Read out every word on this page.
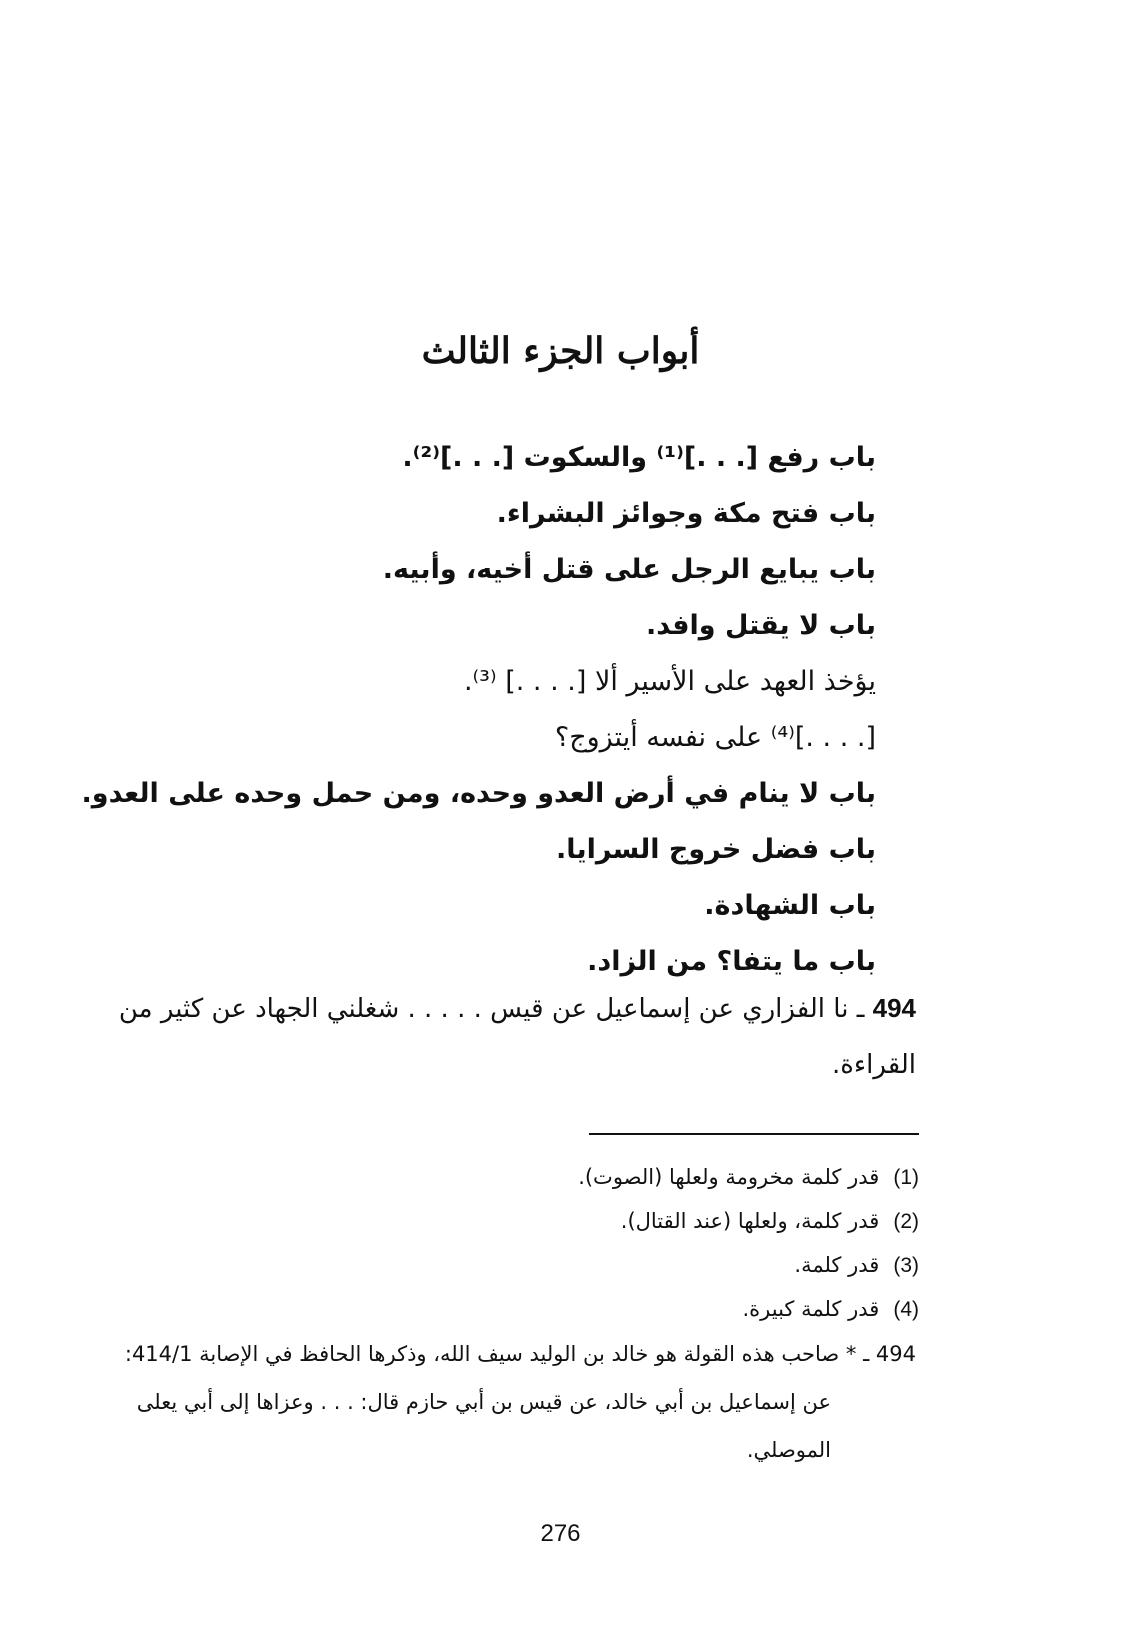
أبواب الجزء الثالث
باب رفع [. . .]⁽¹⁾ والسكوت [. . .]⁽²⁾.
باب فتح مكة وجوائز البشراء.
باب يبايع الرجل على قتل أخيه، وأبيه.
باب لا يقتل وافد.
يؤخذ العهد على الأسير ألا [. . . .] ⁽³⁾.
[. . . .]⁽⁴⁾ على نفسه أيتزوج؟
باب لا ينام في أرض العدو وحده، ومن حمل وحده على العدو.
باب فضل خروج السرايا.
باب الشهادة.
باب ما يتفا؟ من الزاد.
494 ـ نا الفزاري عن إسماعيل عن قيس . . . . . شغلني الجهاد عن كثير من القراءة.
(1)قدر كلمة مخرومة ولعلها (الصوت).
(2)قدر كلمة، ولعلها (عند القتال).
(3)قدر كلمة.
(4)قدر كلمة كبيرة.
494 ـ * صاحب هذه القولة هو خالد بن الوليد سيف الله، وذكرها الحافظ في الإصابة 414/1:
عن إسماعيل بن أبي خالد، عن قيس بن أبي حازم قال: . . . وعزاها إلى أبي يعلى الموصلي.
276
